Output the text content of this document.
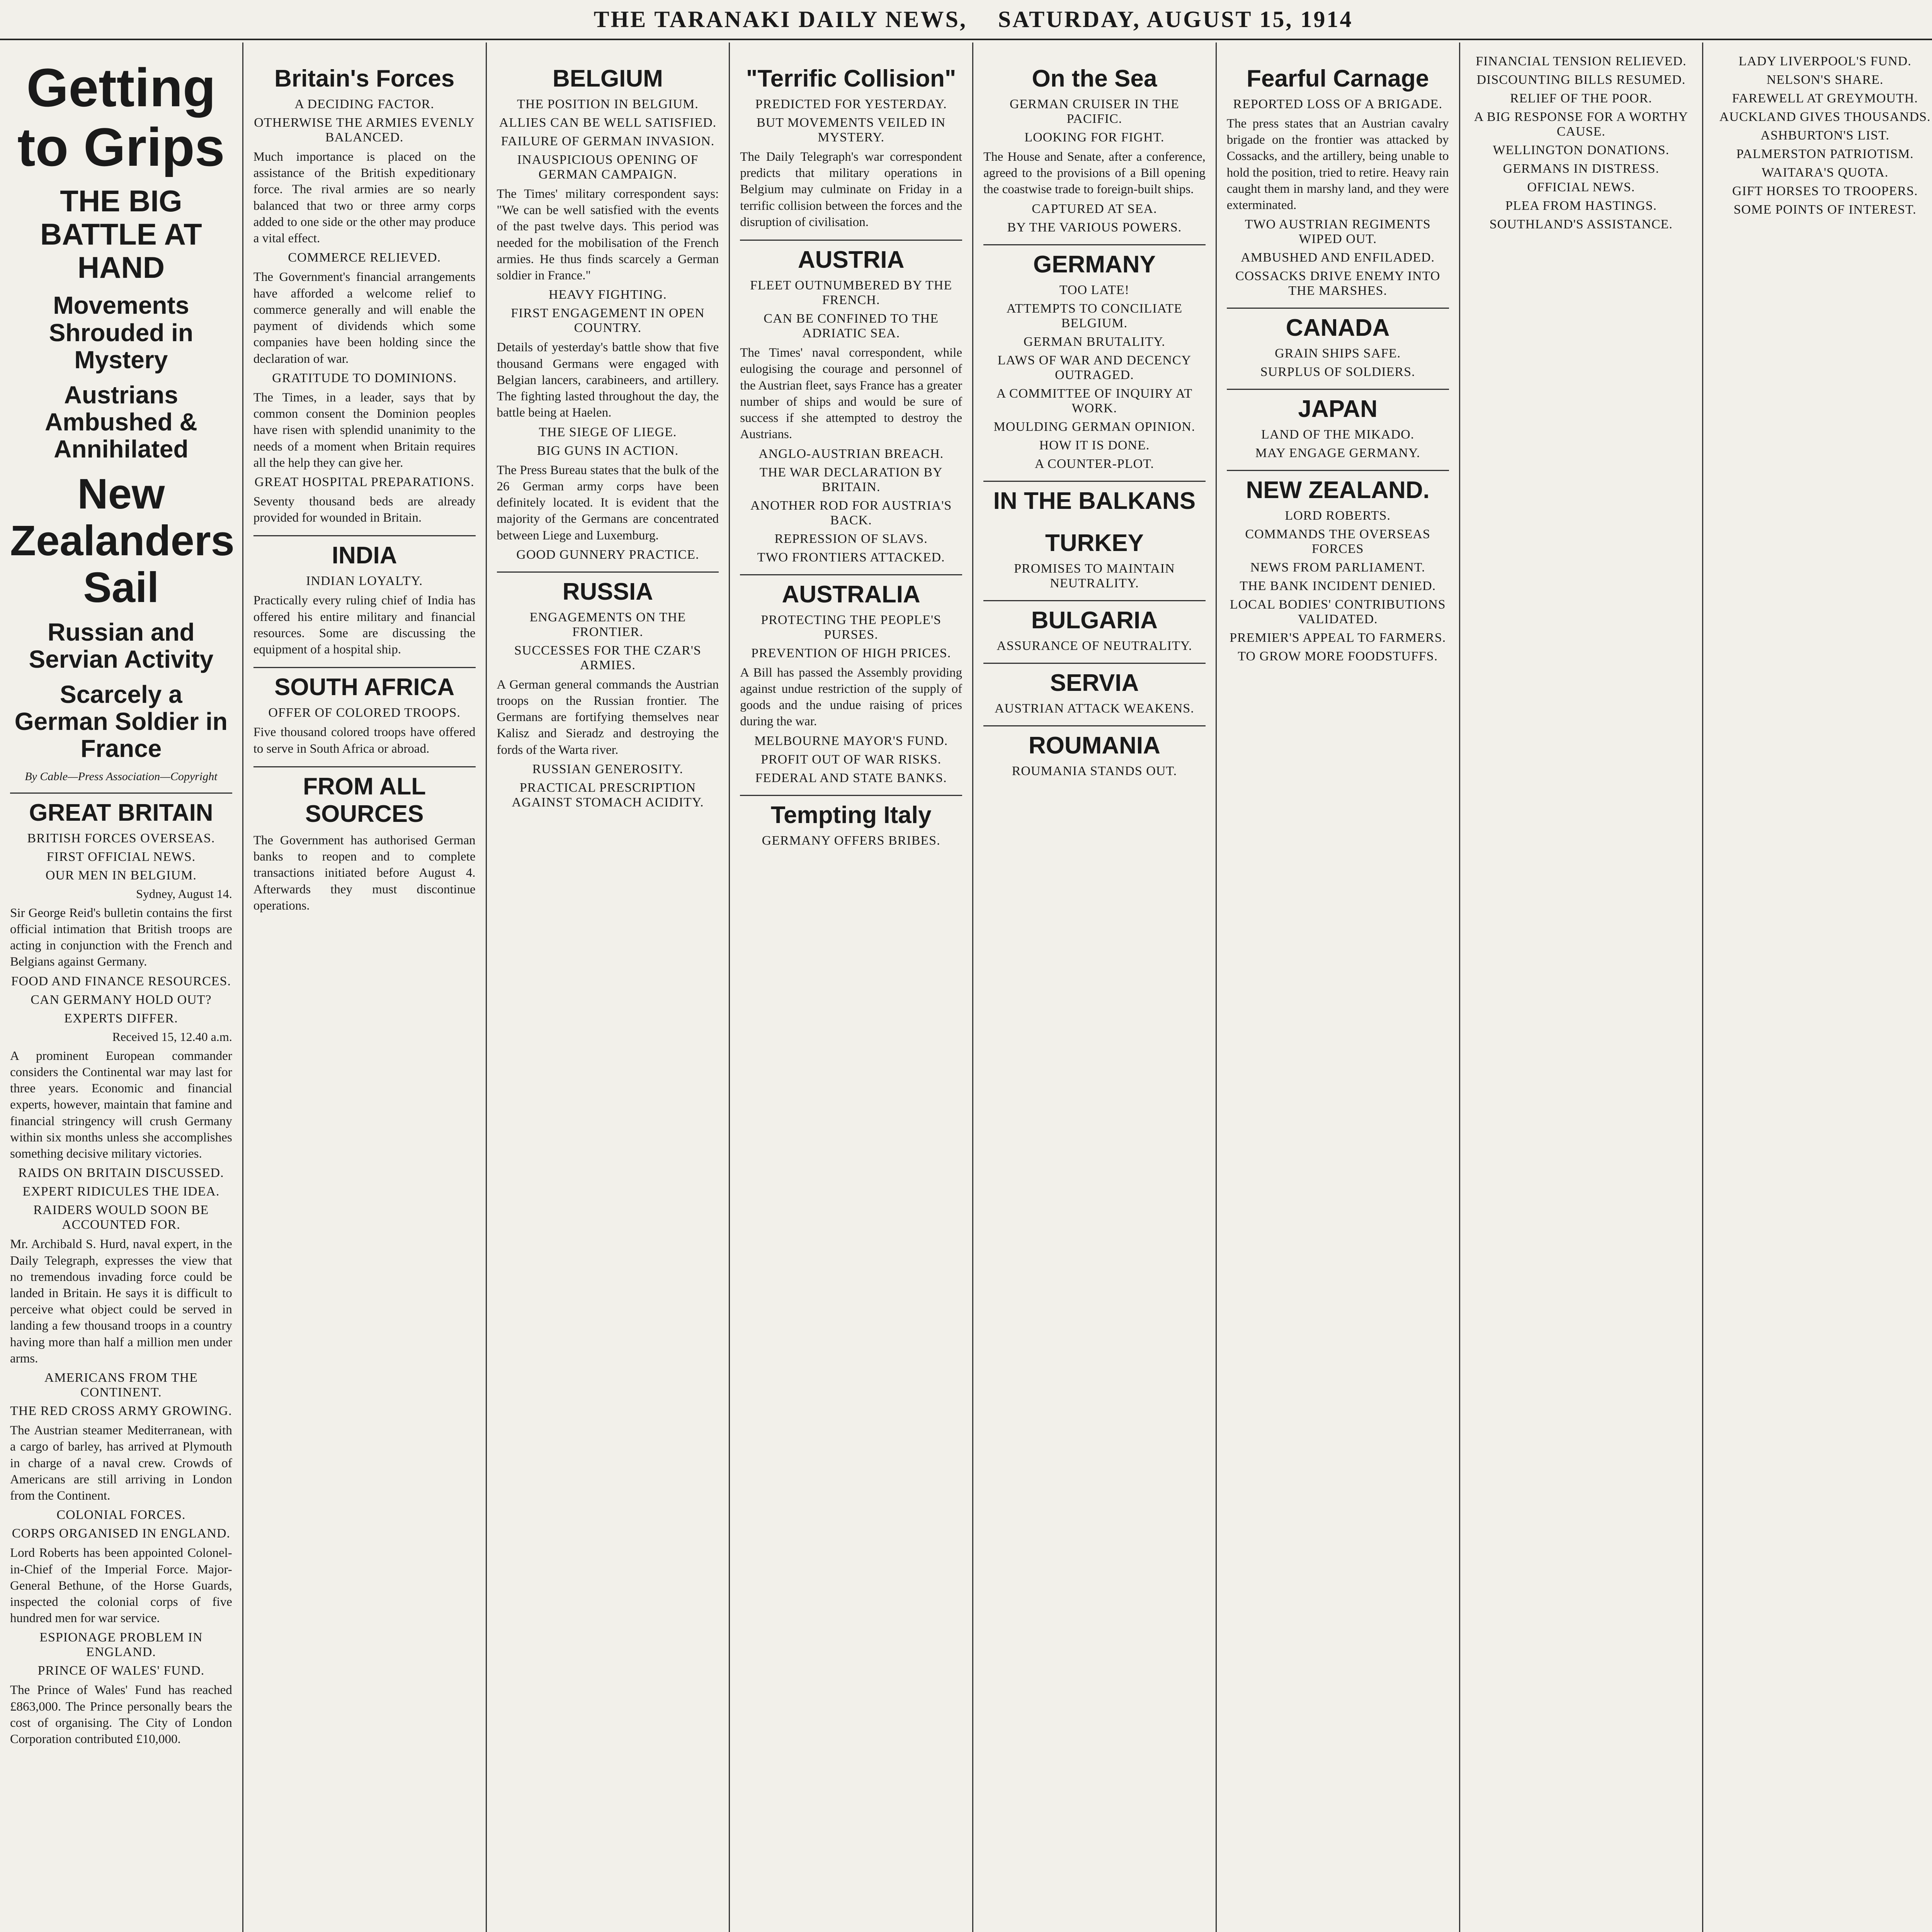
THE TARANAKI DAILY NEWS, SATURDAY, AUGUST 15, 1914
Getting to Grips
THE BIG BATTLE AT HAND
Movements Shrouded in Mystery
Austrians Ambushed & Annihilated
New Zealanders Sail
Russian and Servian Activity
Scarcely a German Soldier in France
By Cable—Press Association—Copyright
GREAT BRITAIN
BRITISH FORCES OVERSEAS.
FIRST OFFICIAL NEWS.
OUR MEN IN BELGIUM.
Sydney, August 14.
Sir George Reid's bulletin contains the first official intimation that British troops are acting in conjunction with the French and Belgians against Germany.
FOOD AND FINANCE RESOURCES.
CAN GERMANY HOLD OUT?
EXPERTS DIFFER.
Received 15, 12.40 a.m.
A prominent European commander considers the Continental war may last for three years. Economic and financial experts, however, maintain that famine and financial stringency will crush Germany within six months unless she accomplishes something decisive military victories.
RAIDS ON BRITAIN DISCUSSED.
EXPERT RIDICULES THE IDEA.
RAIDERS WOULD SOON BE ACCOUNTED FOR.
Mr. Archibald S. Hurd, naval expert, in the Daily Telegraph, expresses the view that no tremendous invading force could be landed in Britain. He says it is difficult to perceive what object could be served in landing a few thousand troops in a country having more than half a million men under arms.
AMERICANS FROM THE CONTINENT.
THE RED CROSS ARMY GROWING.
The Austrian steamer Mediterranean, with a cargo of barley, has arrived at Plymouth in charge of a naval crew. Crowds of Americans are still arriving in London from the Continent.
COLONIAL FORCES.
CORPS ORGANISED IN ENGLAND.
Lord Roberts has been appointed Colonel-in-Chief of the Imperial Force. Major-General Bethune, of the Horse Guards, inspected the colonial corps of five hundred men for war service.
ESPIONAGE PROBLEM IN ENGLAND.
PRINCE OF WALES' FUND.
The Prince of Wales' Fund has reached £863,000. The Prince personally bears the cost of organising. The City of London Corporation contributed £10,000.
Britain's Forces
A DECIDING FACTOR.
OTHERWISE THE ARMIES EVENLY BALANCED.
Much importance is placed on the assistance of the British expeditionary force. The rival armies are so nearly balanced that two or three army corps added to one side or the other may produce a vital effect.
COMMERCE RELIEVED.
The Government's financial arrangements have afforded a welcome relief to commerce generally and will enable the payment of dividends which some companies have been holding since the declaration of war.
GRATITUDE TO DOMINIONS.
The Times, in a leader, says that by common consent the Dominion peoples have risen with splendid unanimity to the needs of a moment when Britain requires all the help they can give her.
GREAT HOSPITAL PREPARATIONS.
Seventy thousand beds are already provided for wounded in Britain.
INDIA
INDIAN LOYALTY.
Practically every ruling chief of India has offered his entire military and financial resources. Some are discussing the equipment of a hospital ship.
SOUTH AFRICA
OFFER OF COLORED TROOPS.
Five thousand colored troops have offered to serve in South Africa or abroad.
FROM ALL SOURCES
The Government has authorised German banks to reopen and to complete transactions initiated before August 4. Afterwards they must discontinue operations.
BELGIUM
THE POSITION IN BELGIUM.
ALLIES CAN BE WELL SATISFIED.
FAILURE OF GERMAN INVASION.
INAUSPICIOUS OPENING OF GERMAN CAMPAIGN.
The Times' military correspondent says: "We can be well satisfied with the events of the past twelve days. This period was needed for the mobilisation of the French armies. He thus finds scarcely a German soldier in France."
HEAVY FIGHTING.
FIRST ENGAGEMENT IN OPEN COUNTRY.
Details of yesterday's battle show that five thousand Germans were engaged with Belgian lancers, carabineers, and artillery. The fighting lasted throughout the day, the battle being at Haelen.
THE SIEGE OF LIEGE.
BIG GUNS IN ACTION.
The Press Bureau states that the bulk of the 26 German army corps have been definitely located. It is evident that the majority of the Germans are concentrated between Liege and Luxemburg.
GOOD GUNNERY PRACTICE.
RUSSIA
ENGAGEMENTS ON THE FRONTIER.
SUCCESSES FOR THE CZAR'S ARMIES.
A German general commands the Austrian troops on the Russian frontier. The Germans are fortifying themselves near Kalisz and Sieradz and destroying the fords of the Warta river.
RUSSIAN GENEROSITY.
PRACTICAL PRESCRIPTION AGAINST STOMACH ACIDITY.
"Terrific Collision"
PREDICTED FOR YESTERDAY.
BUT MOVEMENTS VEILED IN MYSTERY.
The Daily Telegraph's war correspondent predicts that military operations in Belgium may culminate on Friday in a terrific collision between the forces and the disruption of civilisation.
AUSTRIA
FLEET OUTNUMBERED BY THE FRENCH.
CAN BE CONFINED TO THE ADRIATIC SEA.
The Times' naval correspondent, while eulogising the courage and personnel of the Austrian fleet, says France has a greater number of ships and would be sure of success if she attempted to destroy the Austrians.
ANGLO-AUSTRIAN BREACH.
THE WAR DECLARATION BY BRITAIN.
ANOTHER ROD FOR AUSTRIA'S BACK.
REPRESSION OF SLAVS.
TWO FRONTIERS ATTACKED.
AUSTRALIA
PROTECTING THE PEOPLE'S PURSES.
PREVENTION OF HIGH PRICES.
A Bill has passed the Assembly providing against undue restriction of the supply of goods and the undue raising of prices during the war.
MELBOURNE MAYOR'S FUND.
PROFIT OUT OF WAR RISKS.
FEDERAL AND STATE BANKS.
Tempting Italy
GERMANY OFFERS BRIBES.
On the Sea
GERMAN CRUISER IN THE PACIFIC.
LOOKING FOR FIGHT.
The House and Senate, after a conference, agreed to the provisions of a Bill opening the coastwise trade to foreign-built ships.
CAPTURED AT SEA.
BY THE VARIOUS POWERS.
GERMANY
TOO LATE!
ATTEMPTS TO CONCILIATE BELGIUM.
GERMAN BRUTALITY.
LAWS OF WAR AND DECENCY OUTRAGED.
A COMMITTEE OF INQUIRY AT WORK.
MOULDING GERMAN OPINION.
HOW IT IS DONE.
A COUNTER-PLOT.
IN THE BALKANS
TURKEY
PROMISES TO MAINTAIN NEUTRALITY.
BULGARIA
ASSURANCE OF NEUTRALITY.
SERVIA
AUSTRIAN ATTACK WEAKENS.
ROUMANIA
ROUMANIA STANDS OUT.
Fearful Carnage
REPORTED LOSS OF A BRIGADE.
The press states that an Austrian cavalry brigade on the frontier was attacked by Cossacks, and the artillery, being unable to hold the position, tried to retire. Heavy rain caught them in marshy land, and they were exterminated.
TWO AUSTRIAN REGIMENTS WIPED OUT.
AMBUSHED AND ENFILADED.
COSSACKS DRIVE ENEMY INTO THE MARSHES.
CANADA
GRAIN SHIPS SAFE.
SURPLUS OF SOLDIERS.
JAPAN
LAND OF THE MIKADO.
MAY ENGAGE GERMANY.
NEW ZEALAND.
LORD ROBERTS.
COMMANDS THE OVERSEAS FORCES
NEWS FROM PARLIAMENT.
THE BANK INCIDENT DENIED.
LOCAL BODIES' CONTRIBUTIONS VALIDATED.
PREMIER'S APPEAL TO FARMERS.
TO GROW MORE FOODSTUFFS.
FINANCIAL TENSION RELIEVED.
DISCOUNTING BILLS RESUMED.
RELIEF OF THE POOR.
A BIG RESPONSE FOR A WORTHY CAUSE.
WELLINGTON DONATIONS.
GERMANS IN DISTRESS.
OFFICIAL NEWS.
PLEA FROM HASTINGS.
SOUTHLAND'S ASSISTANCE.
LADY LIVERPOOL'S FUND.
NELSON'S SHARE.
FAREWELL AT GREYMOUTH.
AUCKLAND GIVES THOUSANDS.
ASHBURTON'S LIST.
PALMERSTON PATRIOTISM.
WAITARA'S QUOTA.
GIFT HORSES TO TROOPERS.
SOME POINTS OF INTEREST.
